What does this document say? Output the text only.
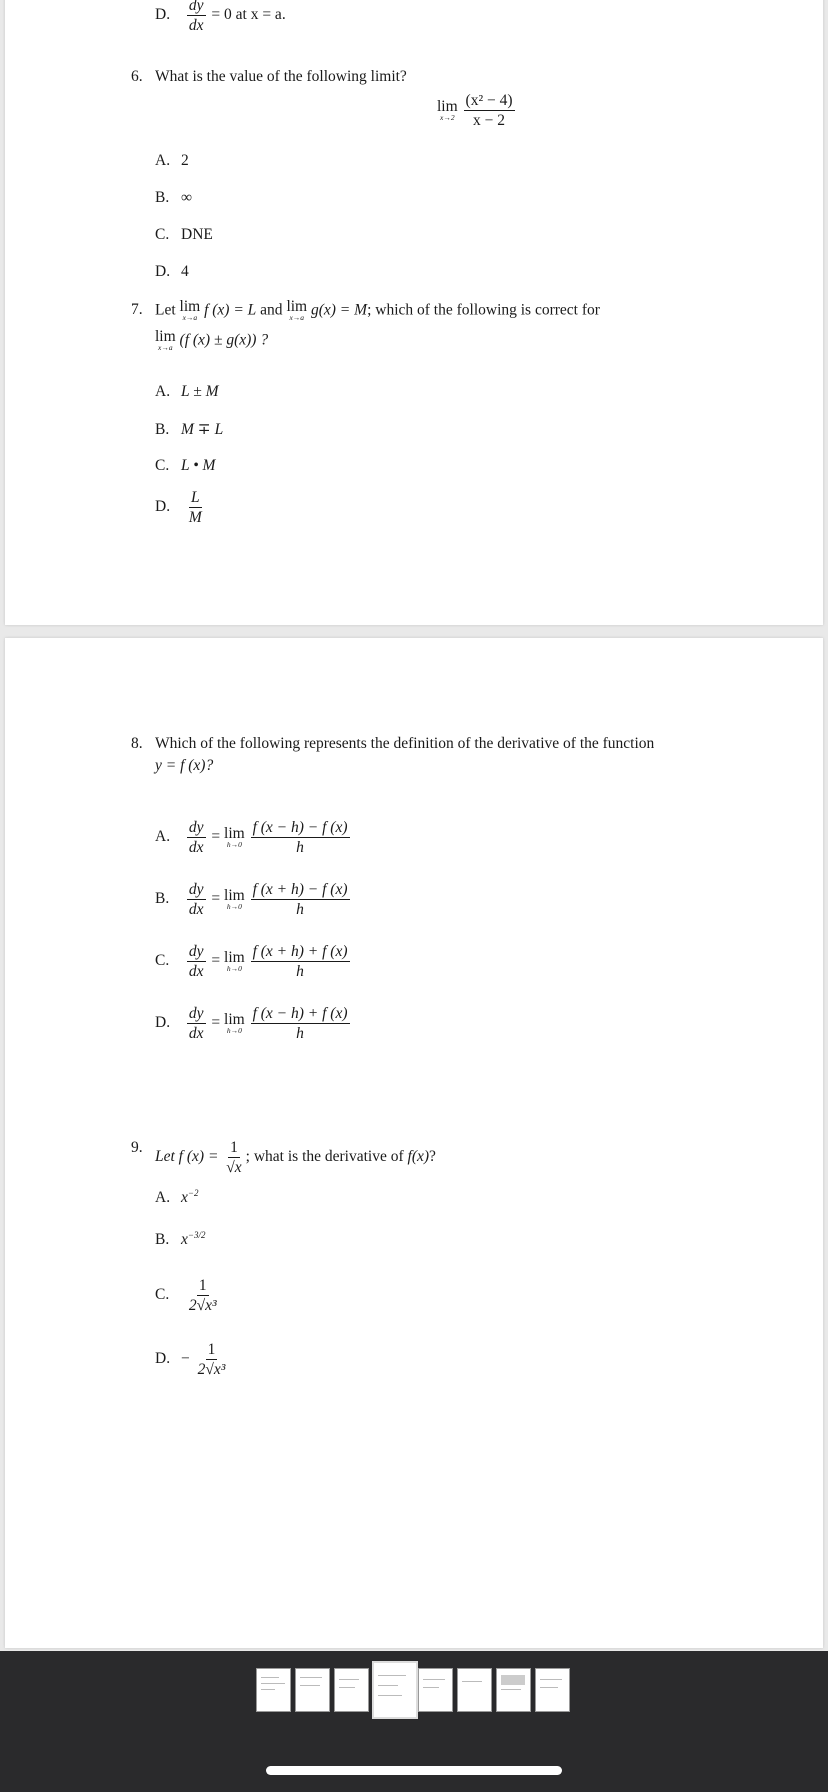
D. $\frac{dy}{dx} = 0$ at x = a.
6. What is the value of the following limit?
lim
x→2
$\frac{\text{(x² − 4)}}{x - 2}$
A. 2
B. ∞
C. DNE
D. 4
7. Let lim
x→a f (x) = L and lim
x→a g(x) = M; which of the following is correct for
lim
x→a (f (x) ± g(x)) ?
A. L ± M
B. M ∓ L
C. L • M
D. $\frac{L}{M}$
8. Which of the following represents the definition of the derivative of the function
y = f (x)?
A. $\frac{dy}{dx} = \lim$
h→0
$\frac{f (x - h) - f (x)}{h}$
B. $\frac{dy}{dx} = \lim$
h→0
$\frac{f (x + h) - f (x)}{h}$
C. $\frac{dy}{dx} = \lim$
h→0
$\frac{f (x + h) + f (x)}{h}$
D. $\frac{dy}{dx} = \lim$
h→0
$\frac{f (x - h) + f (x)}{h}$
9.
Let f $(x) = \frac{1}{√x}$ ; what is the derivative of f(x)?
A. $x^{-2}$
B. $x^{-3/2}$
C. $\frac{1}{\text{2√x³}}$
D. − $\frac{1}{\text{2√x³}}$
